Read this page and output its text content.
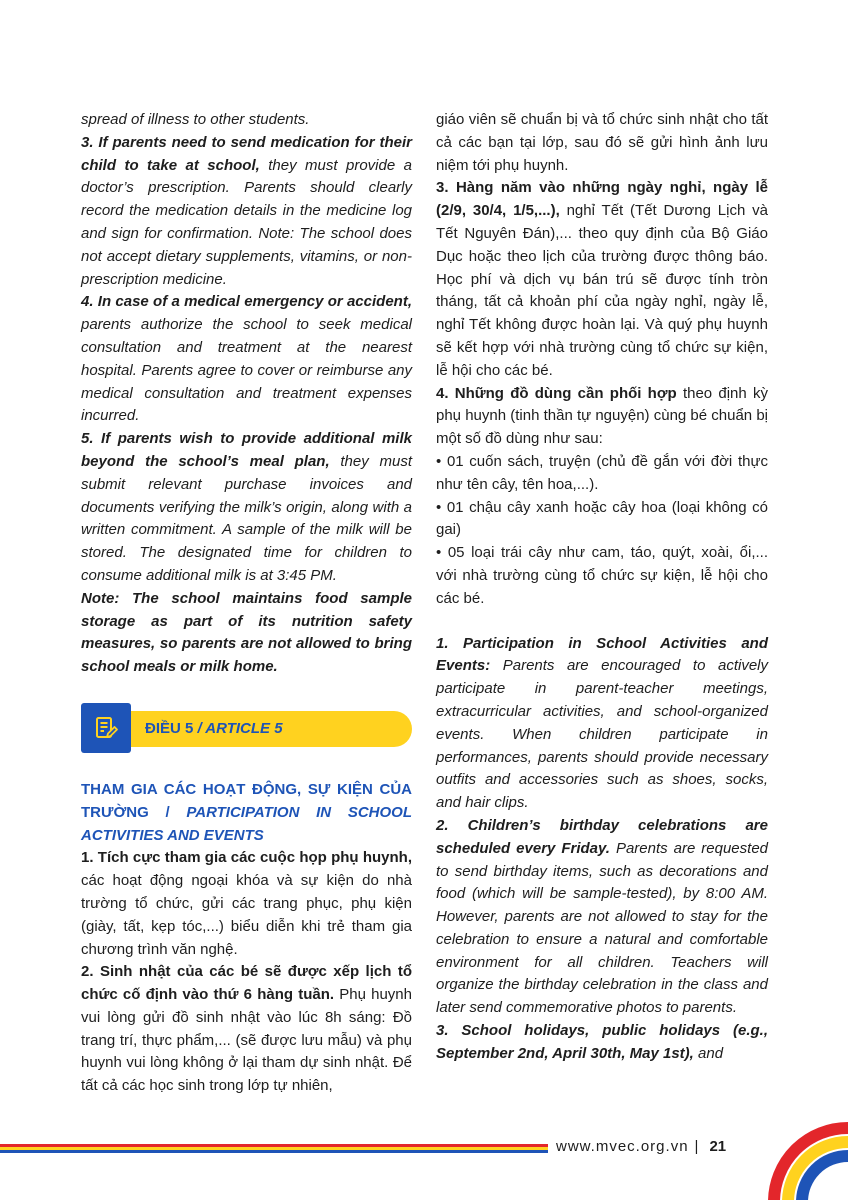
spread of illness to other students.

3. If parents need to send medication for their child to take at school, they must provide a doctor’s prescription. Parents should clearly record the medication details in the medicine log and sign for confirmation. Note: The school does not accept dietary supplements, vitamins, or non-prescription medicine.

4. In case of a medical emergency or accident, parents authorize the school to seek medical consultation and treatment at the nearest hospital. Parents agree to cover or reimburse any medical consultation and treatment expenses incurred.

5. If parents wish to provide additional milk beyond the school’s meal plan, they must submit relevant purchase invoices and documents verifying the milk’s origin, along with a written commitment. A sample of the milk will be stored. The designated time for children to consume additional milk is at 3:45 PM.

Note: The school maintains food sample storage as part of its nutrition safety measures, so parents are not allowed to bring school meals or milk home.

ĐIỀU 5 / ARTICLE 5

THAM GIA CÁC HOẠT ĐỘNG, SỰ KIỆN CỦA TRƯỜNG / PARTICIPATION IN SCHOOL ACTIVITIES AND EVENTS

1. Tích cực tham gia các cuộc họp phụ huynh, các hoạt động ngoại khóa và sự kiện do nhà trường tổ chức, gửi các trang phục, phụ kiện (giày, tất, kẹp tóc,...) biểu diễn khi trẻ tham gia chương trình văn nghệ.

2. Sinh nhật của các bé sẽ được xếp lịch tổ chức cố định vào thứ 6 hàng tuần. Phụ huynh vui lòng gửi đồ sinh nhật vào lúc 8h sáng: Đồ trang trí, thực phẩm,... (sẽ được lưu mẫu) và phụ huynh vui lòng không ở lại tham dự sinh nhật. Để tất cả các học sinh trong lớp tự nhiên,

giáo viên sẽ chuẩn bị và tổ chức sinh nhật cho tất cả các bạn tại lớp, sau đó sẽ gửi hình ảnh lưu niệm tới phụ huynh.

3. Hàng năm vào những ngày nghỉ, ngày lễ (2/9, 30/4, 1/5,...), nghỉ Tết (Tết Dương Lịch và Tết Nguyên Đán),... theo quy định của Bộ Giáo Dục hoặc theo lịch của trường được thông báo. Học phí và dịch vụ bán trú sẽ được tính tròn tháng, tất cả khoản phí của ngày nghỉ, ngày lễ, nghỉ Tết không được hoàn lại. Và quý phụ huynh sẽ kết hợp với nhà trường cùng tổ chức sự kiện, lễ hội cho các bé.

4. Những đồ dùng cần phối hợp theo định kỳ phụ huynh (tinh thần tự nguyện) cùng bé chuẩn bị một số đồ dùng như sau:

• 01 cuốn sách, truyện (chủ đề gắn với đời thực như tên cây, tên hoa,...).

• 01 chậu cây xanh hoặc cây hoa (loại không có gai)

• 05 loại trái cây như cam, táo, quýt, xoài, ổi,... với nhà trường cùng tổ chức sự kiện, lễ hội cho các bé.

1. Participation in School Activities and Events: Parents are encouraged to actively participate in parent-teacher meetings, extracurricular activities, and school-organized events. When children participate in performances, parents should provide necessary outfits and accessories such as shoes, socks, and hair clips.

2. Children’s birthday celebrations are scheduled every Friday. Parents are requested to send birthday items, such as decorations and food (which will be sample-tested), by 8:00 AM. However, parents are not allowed to stay for the celebration to ensure a natural and comfortable environment for all children. Teachers will organize the birthday celebration in the class and later send commemorative photos to parents.

3. School holidays, public holidays (e.g., September 2nd, April 30th, May 1st), and

www.mvec.org.vn | 21
